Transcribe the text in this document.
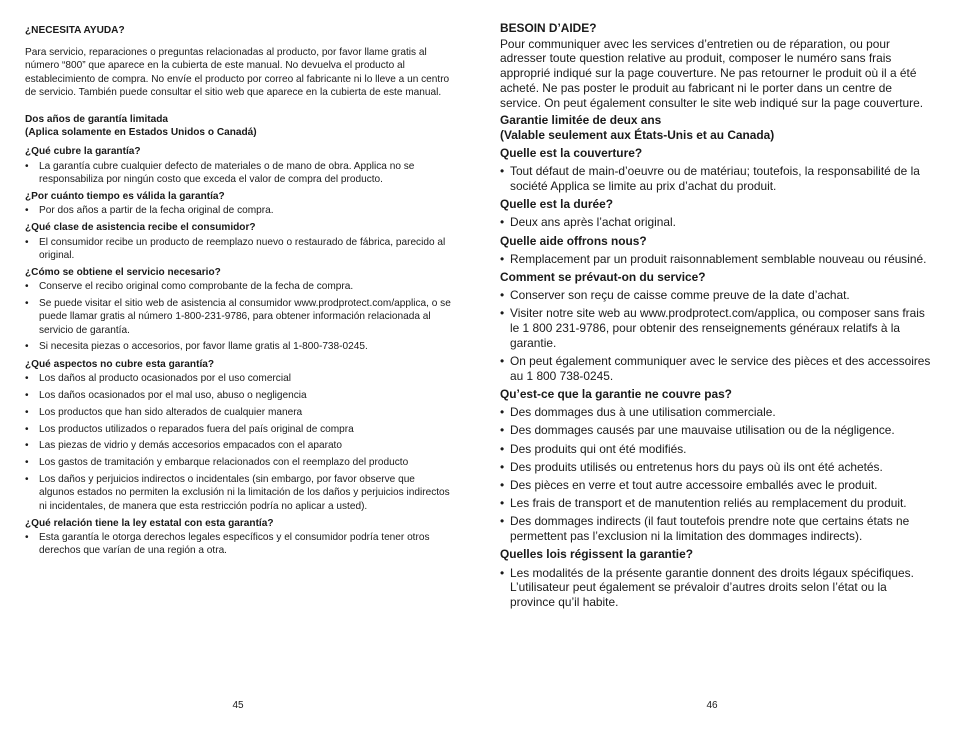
¿NECESITA AYUDA?

Para servicio, reparaciones o preguntas relacionadas al producto, por favor llame gratis al número “800” que aparece en la cubierta de este manual. No devuelva el producto al establecimiento de compra. No envíe el producto por correo al fabricante ni lo lleve a un centro de servicio. También puede consultar el sitio web que aparece en la cubierta de este manual.

Dos años de garantía limitada
(Aplica solamente en Estados Unidos o Canadá)

¿Qué cubre la garantía?

• La garantía cubre cualquier defecto de materiales o de mano de obra. Applica no se responsabiliza por ningún costo que exceda el valor de compra del producto.

¿Por cuánto tiempo es válida la garantía?

• Por dos años a partir de la fecha original de compra.

¿Qué clase de asistencia recibe el consumidor?

• El consumidor recibe un producto de reemplazo nuevo o restaurado de fábrica, parecido al original.

¿Cómo se obtiene el servicio necesario?

• Conserve el recibo original como comprobante de la fecha de compra.
• Se puede visitar el sitio web de asistencia al consumidor www.prodprotect.com/applica, o se puede llamar gratis al número 1-800-231-9786, para obtener información relacionada al servicio de garantía.
• Si necesita piezas o accesorios, por favor llame gratis al 1-800-738-0245.

¿Qué aspectos no cubre esta garantía?

• Los daños al producto ocasionados por el uso comercial
• Los daños ocasionados por el mal uso, abuso o negligencia
• Los productos que han sido alterados de cualquier manera
• Los productos utilizados o reparados fuera del país original de compra
• Las piezas de vidrio y demás accesorios empacados con el aparato
• Los gastos de tramitación y embarque relacionados con el reemplazo del producto
• Los daños y perjuicios indirectos o incidentales (sin embargo, por favor observe que algunos estados no permiten la exclusión ni la limitación de los daños y perjuicios indirectos ni incidentales, de manera que esta restricción podría no aplicar a usted).

¿Qué relación tiene la ley estatal con esta garantía?

• Esta garantía le otorga derechos legales específicos y el consumidor podría tener otros derechos que varían de una región a otra.
45

BESOIN D’AIDE?

Pour communiquer avec les services d’entretien ou de réparation, ou pour adresser toute question relative au produit, composer le numéro sans frais approprié indiqué sur la page couverture. Ne pas retourner le produit où il a été acheté. Ne pas poster le produit au fabricant ni le porter dans un centre de service. On peut également consulter le site web indiqué sur la page couverture.

Garantie limitée de deux ans
(Valable seulement aux États-Unis et au Canada)

Quelle est la couverture?

• Tout défaut de main-d’oeuvre ou de matériau; toutefois, la responsabilité de la société Applica se limite au prix d’achat du produit.

Quelle est la durée?

• Deux ans après l’achat original.

Quelle aide offrons nous?

• Remplacement par un produit raisonnablement semblable nouveau ou réusiné.

Comment se prévaut-on du service?

• Conserver son reçu de caisse comme preuve de la date d’achat.
• Visiter notre site web au www.prodprotect.com/applica, ou composer sans frais le 1 800 231-9786, pour obtenir des renseignements généraux relatifs à la garantie.
• On peut également communiquer avec le service des pièces et des accessoires au 1 800 738-0245.

Qu’est-ce que la garantie ne couvre pas?

• Des dommages dus à une utilisation commerciale.
• Des dommages causés par une mauvaise utilisation ou de la négligence.
• Des produits qui ont été modifiés.
• Des produits utilisés ou entretenus hors du pays où ils ont été achetés.
• Des pièces en verre et tout autre accessoire emballés avec le produit.
• Les frais de transport et de manutention reliés au remplacement du produit.
• Des dommages indirects (il faut toutefois prendre note que certains états ne permettent pas l’exclusion ni la limitation des dommages indirects).

Quelles lois régissent la garantie?

• Les modalités de la présente garantie donnent des droits légaux spécifiques. L’utilisateur peut également se prévaloir d’autres droits selon l’état ou la province qu’il habite.
46
